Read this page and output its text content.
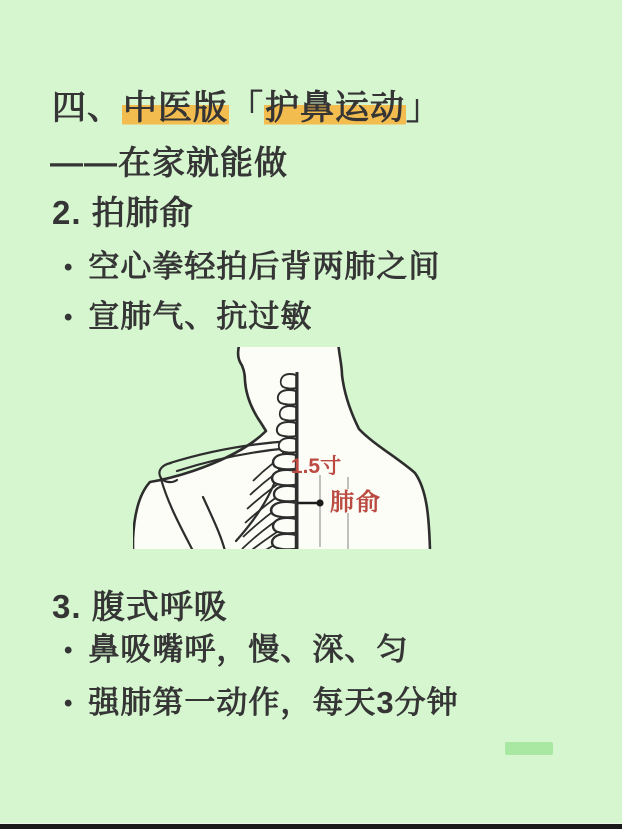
四、中医版「护鼻运动」
——在家就能做
2. 拍肺俞
• 空心拳轻拍后背两肺之间
• 宣肺气、抗过敏
1.5寸
肺俞
3. 腹式呼吸
• 鼻吸嘴呼，慢、深、匀
• 强肺第一动作，每天3分钟
